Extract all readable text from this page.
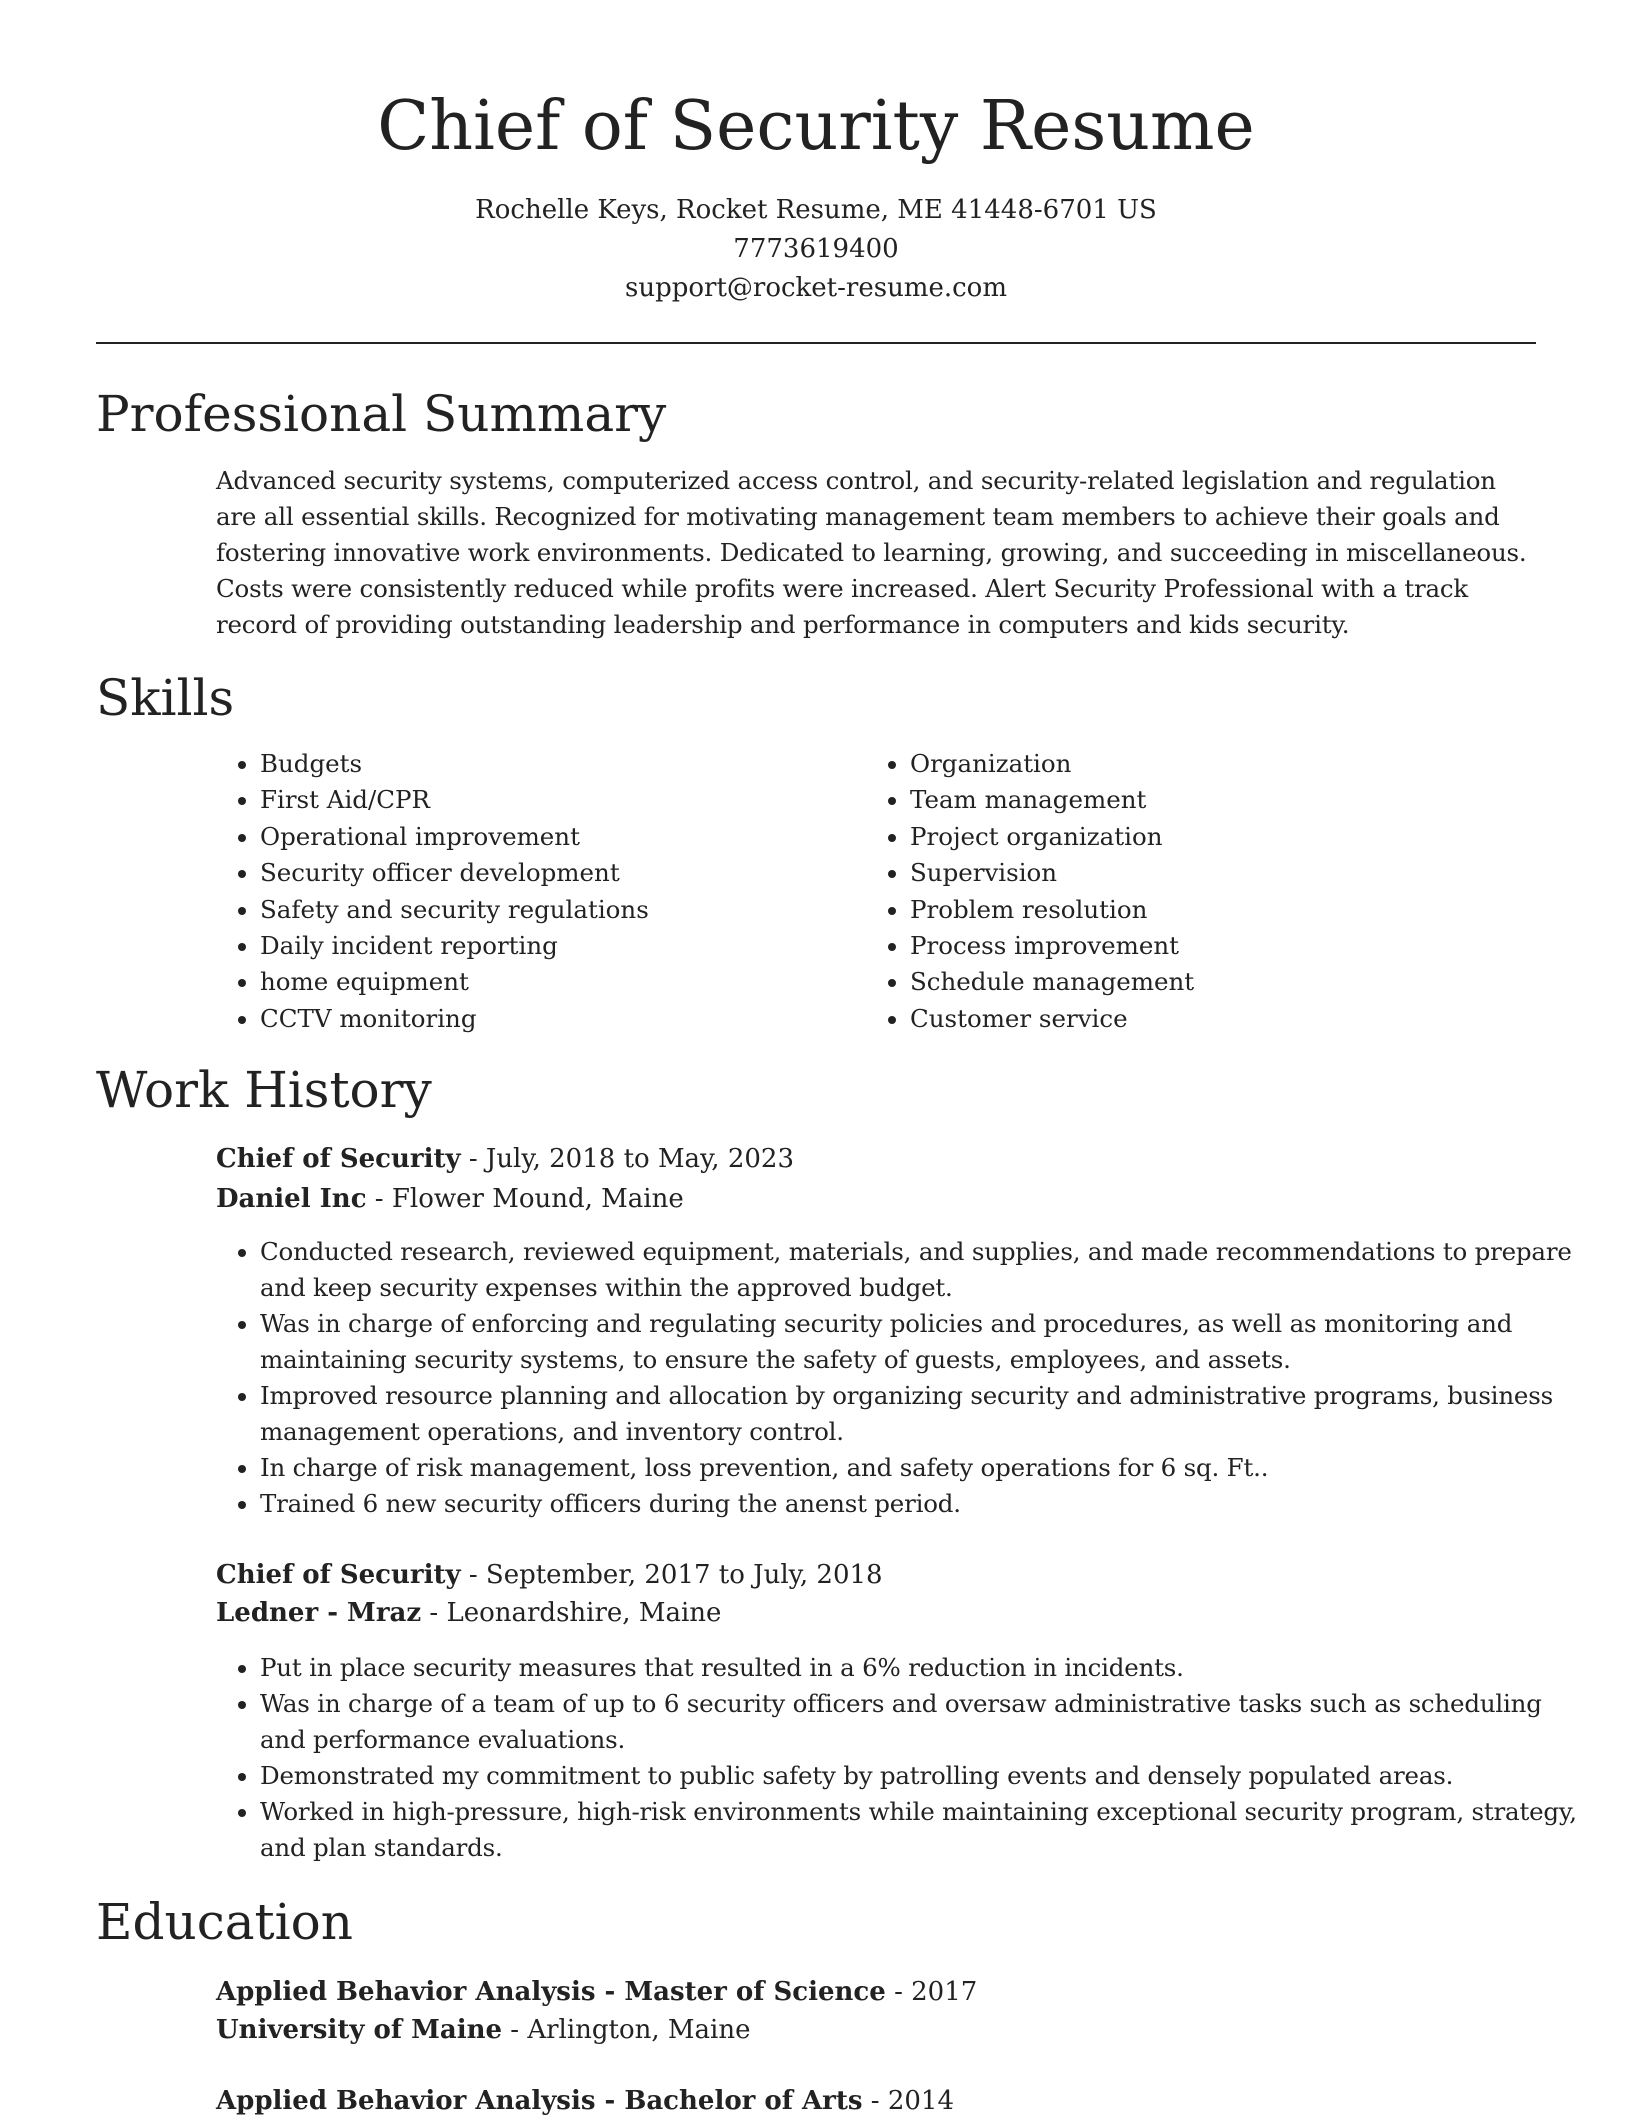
Chief of Security Resume
Rochelle Keys, Rocket Resume, ME 41448-6701 US
7773619400
support@rocket-resume.com
Professional Summary

Advanced security systems, computerized access control, and security-related legislation and regulation are all essential skills. Recognized for motivating management team members to achieve their goals and fostering innovative work environments. Dedicated to learning, growing, and succeeding in miscellaneous. Costs were consistently reduced while profits were increased. Alert Security Professional with a track record of providing outstanding leadership and performance in computers and kids security.

Skills
• Budgets
• First Aid/CPR
• Operational improvement
• Security officer development
• Safety and security regulations
• Daily incident reporting
• home equipment
• CCTV monitoring
• Organization
• Team management
• Project organization
• Supervision
• Problem resolution
• Process improvement
• Schedule management
• Customer service
Work History
Chief of Security - July, 2018 to May, 2023
Daniel Inc - Flower Mound, Maine
• Conducted research, reviewed equipment, materials, and supplies, and made recommendations to prepare and keep security expenses within the approved budget.
• Was in charge of enforcing and regulating security policies and procedures, as well as monitoring and maintaining security systems, to ensure the safety of guests, employees, and assets.
• Improved resource planning and allocation by organizing security and administrative programs, business management operations, and inventory control.
• In charge of risk management, loss prevention, and safety operations for 6 sq. Ft..
• Trained 6 new security officers during the anenst period.
Chief of Security - September, 2017 to July, 2018
Ledner - Mraz - Leonardshire, Maine
• Put in place security measures that resulted in a 6% reduction in incidents.
• Was in charge of a team of up to 6 security officers and oversaw administrative tasks such as scheduling and performance evaluations.
• Demonstrated my commitment to public safety by patrolling events and densely populated areas.
• Worked in high-pressure, high-risk environments while maintaining exceptional security program, strategy, and plan standards.
Education
Applied Behavior Analysis - Master of Science - 2017
University of Maine - Arlington, Maine
Applied Behavior Analysis - Bachelor of Arts - 2014
